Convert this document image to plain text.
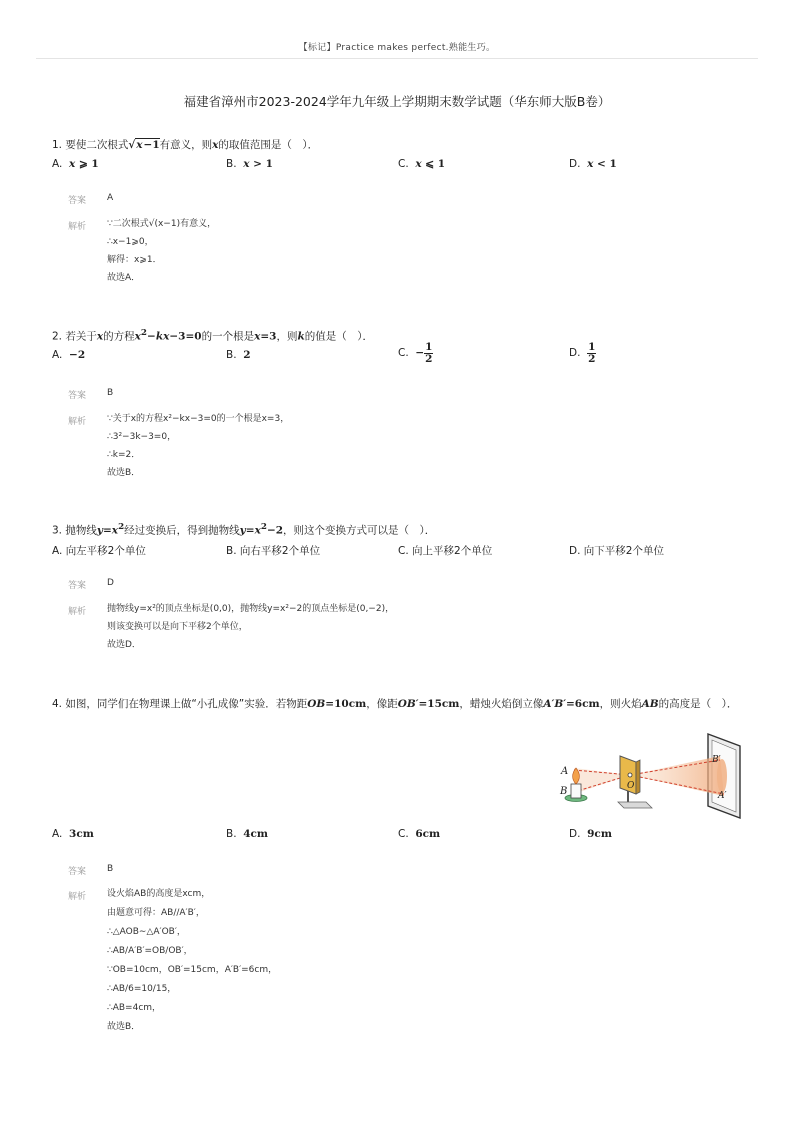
【标记】Practice makes perfect.熟能生巧。
福建省漳州市2023-2024学年九年级上学期期末数学试题（华东师大版B卷）
1. 要使二次根式√x−1有意义，则x的取值范围是（　）．
A. x ⩾ 1	B. x > 1	C. x ⩽ 1	D. x < 1
答案 A
解析 ∵二次根式√(x−1)有意义，
∴x−1⩾0，
解得：x⩾1．
故选A．
2. 若关于x的方程$x^2-kx-3=0$的一个根是x=3，则k的值是（　）．
A. −2	B. 2	C. − $\frac{1}{2}$	D. $\frac{1}{2}$
答案 B
解析 ∵关于x的方程x²−kx−3=0的一个根是x=3，
∴3²−3k−3=0，
∴k=2．
故选B．
3. 抛物线$y=x^2$经过变换后，得到抛物线$y=x^2-2$，则这个变换方式可以是（　）．
A. 向左平移2个单位	B. 向右平移2个单位	C. 向上平移2个单位	D. 向下平移2个单位
答案 D
解析 抛物线y=x²的顶点坐标是(0,0)，抛物线y=x²−2的顶点坐标是(0,−2)，
则该变换可以是向下平移2个单位，
故选D．
4. 如图，同学们在物理课上做“小孔成像”实验．若物距OB=10cm，像距OB′=15cm，蜡烛火焰倒立像A′B′=6cm，则火焰AB的高度是（　）．
A
B	O
B′
A′
A. 3cm	B. 4cm	C. 6cm	D. 9cm
答案 B
解析 设火焰AB的高度是xcm，
由题意可得：AB//A′B′，
∴△AOB∼△A′OB′，
∴AB/A′B′=OB/OB′，
∵OB=10cm，OB′=15cm，A′B′=6cm，
∴AB/6=10/15，
∴AB=4cm，
故选B．
